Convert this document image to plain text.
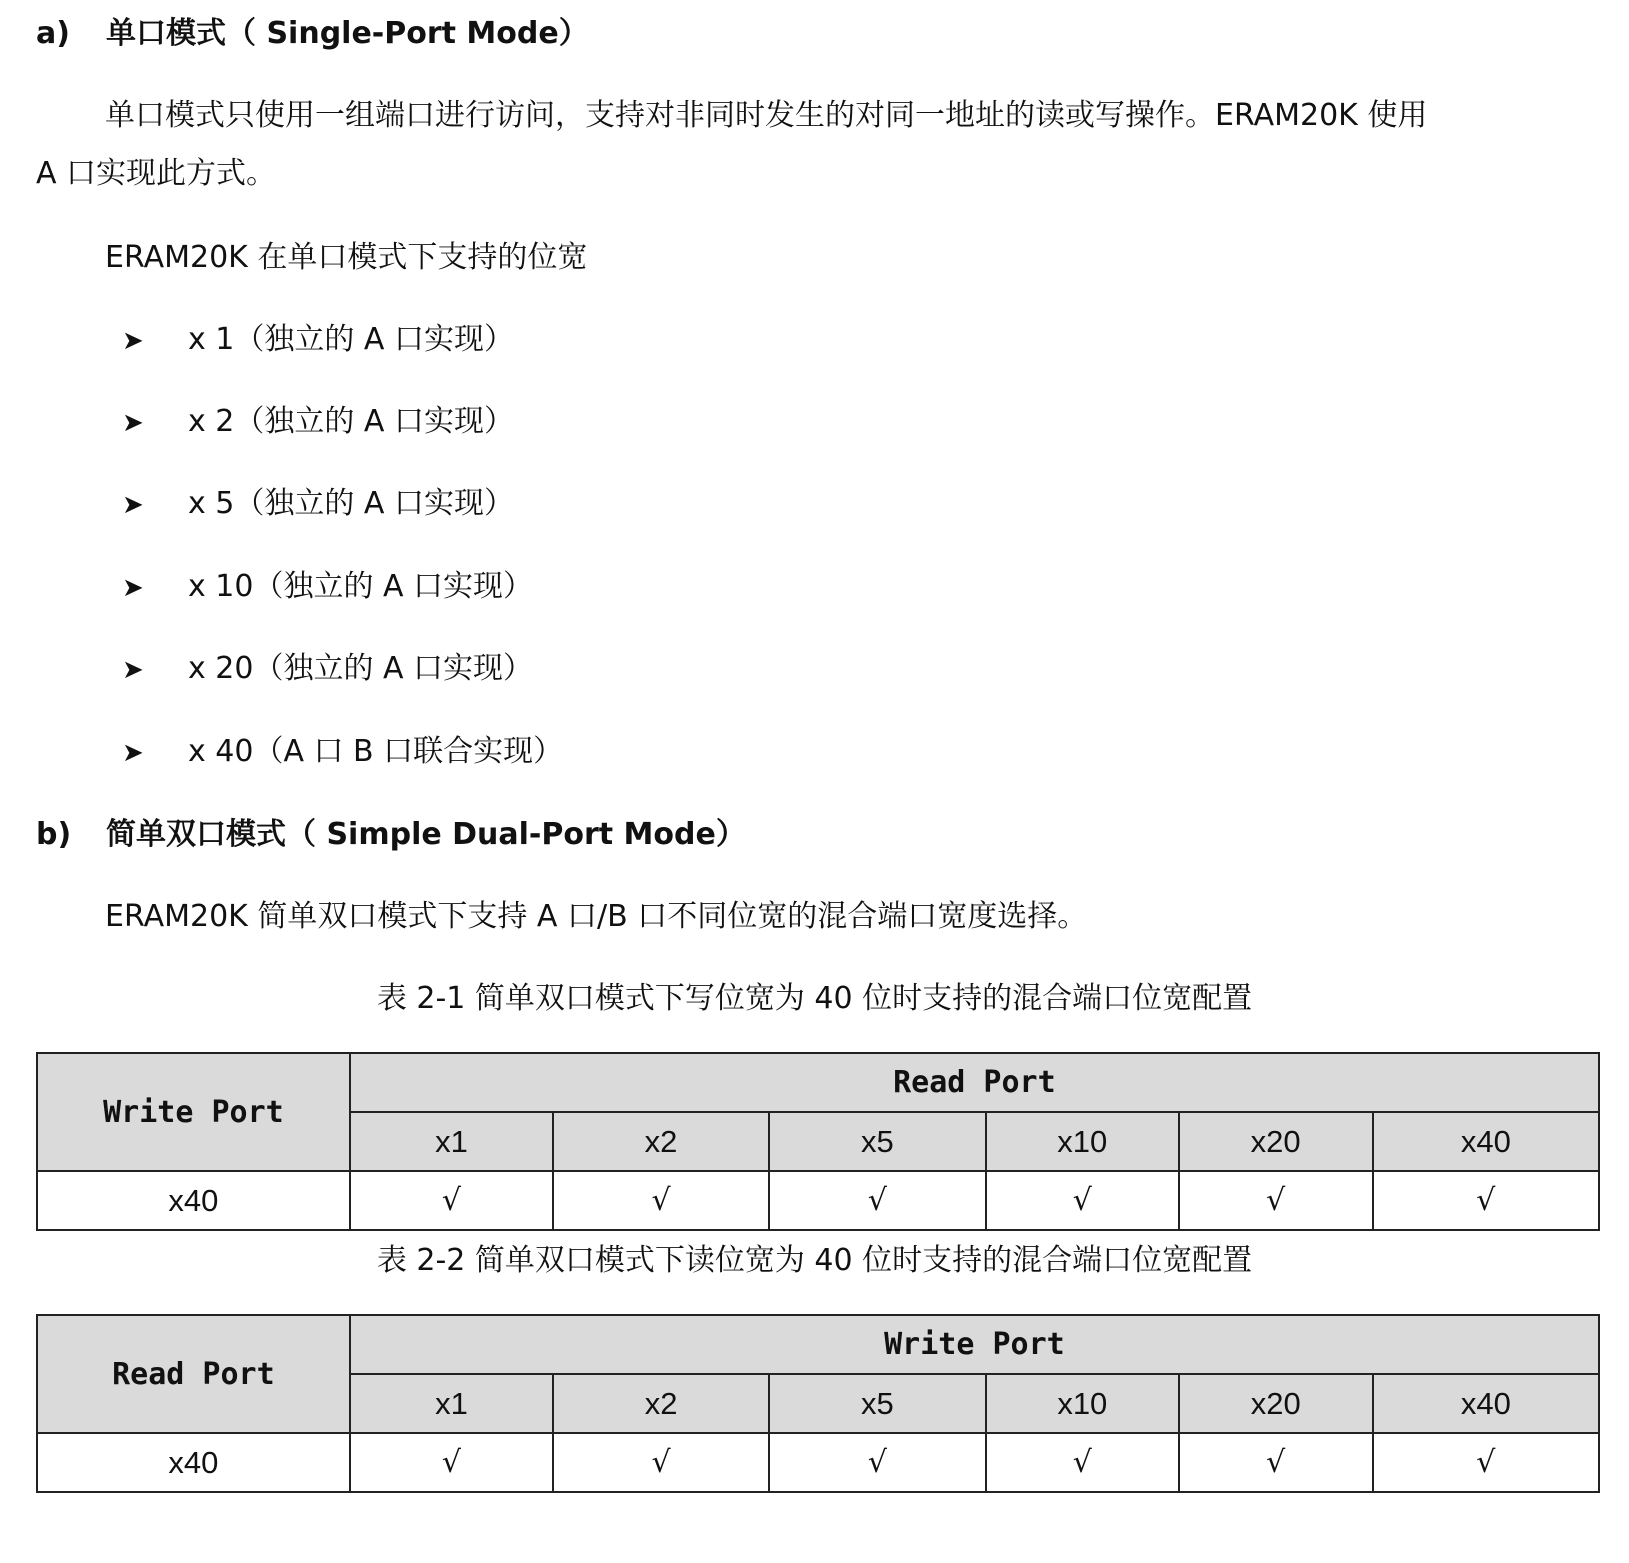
a) 单口模式（ Single-Port Mode）
单口模式只使用一组端口进行访问，支持对非同时发生的对同一地址的读或写操作。ERAM20K 使用
A 口实现此方式。
ERAM20K 在单口模式下支持的位宽
➤ x 1（独立的 A 口实现）
➤ x 2（独立的 A 口实现）
➤ x 5（独立的 A 口实现）
➤ x 10（独立的 A 口实现）
➤ x 20（独立的 A 口实现）
➤ x 40（A 口 B 口联合实现）
b) 简单双口模式（ Simple Dual-Port Mode）
ERAM20K 简单双口模式下支持 A 口/B 口不同位宽的混合端口宽度选择。
表 2-1 简单双口模式下写位宽为 40 位时支持的混合端口位宽配置
Write Port	Read Port					
	x1	x2	x5	x10	x20	x40
x40	√	√	√	√	√	√
表 2-2 简单双口模式下读位宽为 40 位时支持的混合端口位宽配置
Read Port	Write Port					
	x1	x2	x5	x10	x20	x40
x40	√	√	√	√	√	√
